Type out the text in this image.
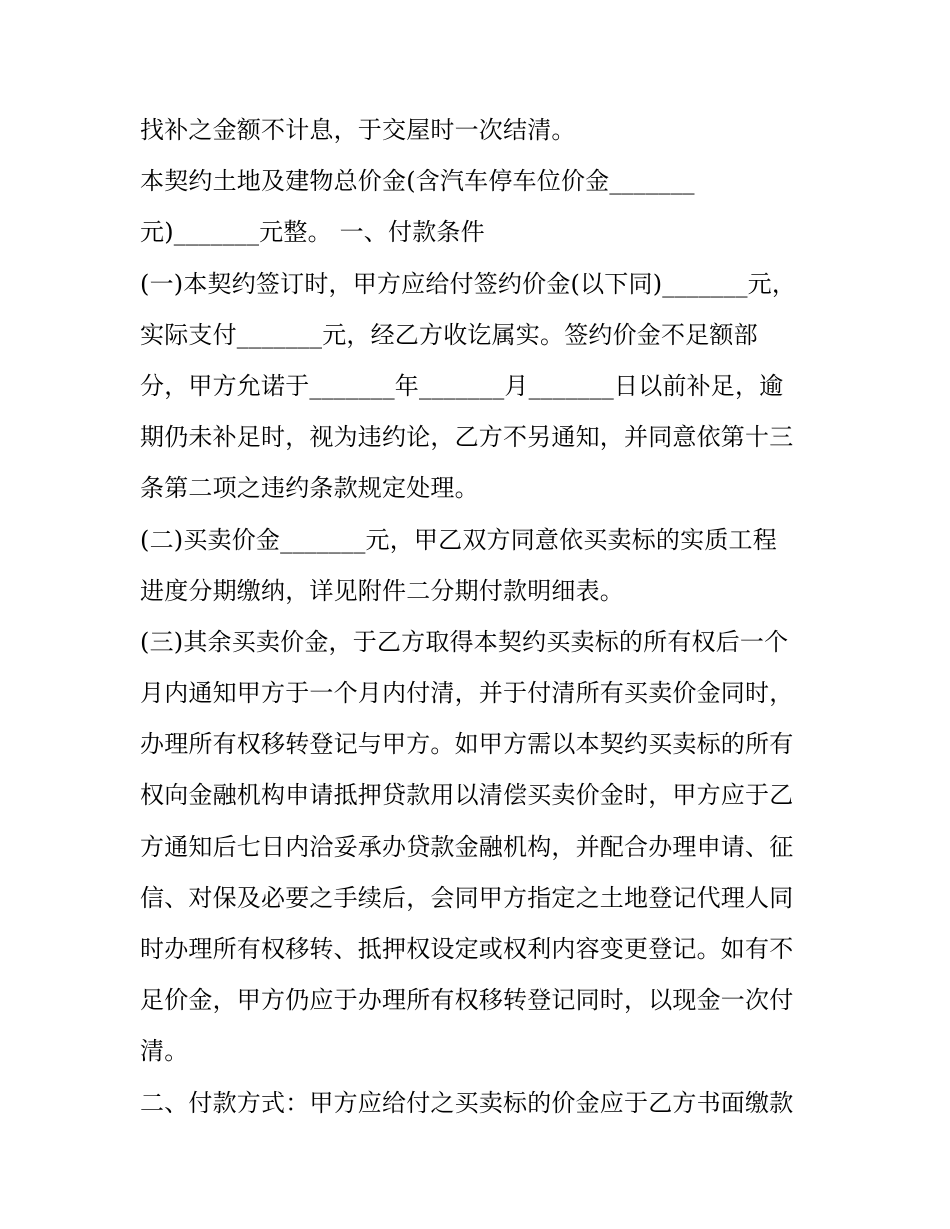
找补之金额不计息，于交屋时一次结清。
本契约土地及建物总价金(含汽车停车位价金_______
元)_______元整。 一、付款条件
(一)本契约签订时，甲方应给付签约价金(以下同)_______元，
实际支付_______元，经乙方收讫属实。签约价金不足额部
分，甲方允诺于_______年_______月_______日以前补足，逾
期仍未补足时，视为违约论，乙方不另通知，并同意依第十三
条第二项之违约条款规定处理。
(二)买卖价金_______元，甲乙双方同意依买卖标的实质工程
进度分期缴纳，详见附件二分期付款明细表。
(三)其余买卖价金，于乙方取得本契约买卖标的所有权后一个
月内通知甲方于一个月内付清，并于付清所有买卖价金同时，
办理所有权移转登记与甲方。如甲方需以本契约买卖标的所有
权向金融机构申请抵押贷款用以清偿买卖价金时，甲方应于乙
方通知后七日内洽妥承办贷款金融机构，并配合办理申请、征
信、对保及必要之手续后，会同甲方指定之土地登记代理人同
时办理所有权移转、抵押权设定或权利内容变更登记。如有不
足价金，甲方仍应于办理所有权移转登记同时，以现金一次付
清。
二、付款方式：甲方应给付之买卖标的价金应于乙方书面缴款
